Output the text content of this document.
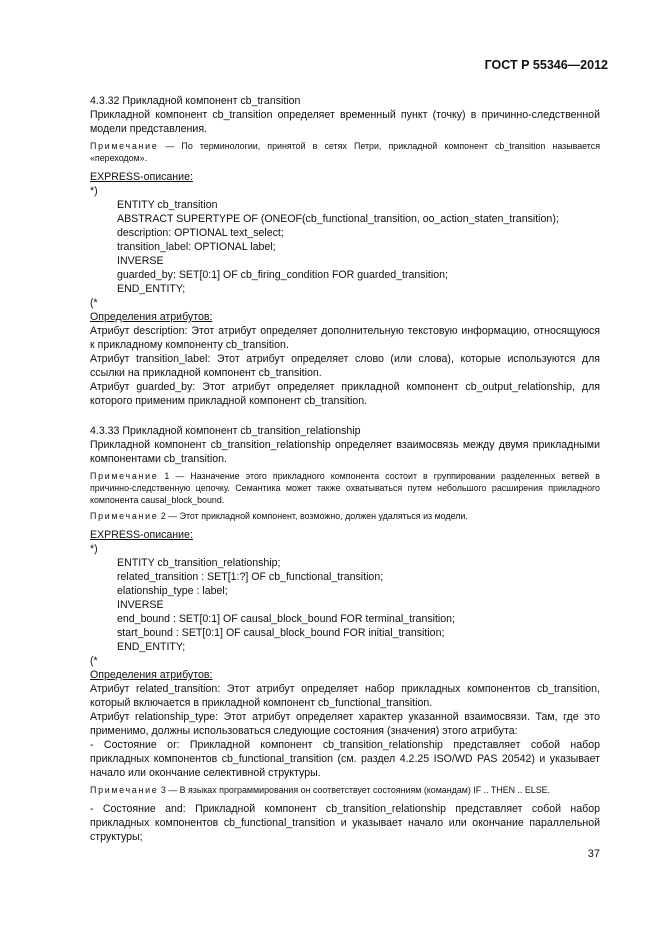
ГОСТ Р 55346—2012

4.3.32 Прикладной компонент cb_transition

Прикладной компонент cb_transition определяет временный пункт (точку) в причинно-следственной модели представления.

Примечание — По терминологии, принятой в сетях Петри, прикладной компонент cb_transition называется «переходом».

EXPRESS-описание:

*)

ENTITY cb_transition
ABSTRACT SUPERTYPE OF (ONEOF(cb_functional_transition, oo_action_staten_transition);
description: OPTIONAL text_select;
transition_label: OPTIONAL label;
INVERSE
guarded_by: SET[0:1] OF cb_firing_condition FOR guarded_transition;
END_ENTITY;

(*

Определения атрибутов:

Атрибут description: Этот атрибут определяет дополнительную текстовую информацию, относящуюся к прикладному компоненту cb_transition.

Атрибут transition_label: Этот атрибут определяет слово (или слова), которые используются для ссылки на прикладной компонент cb_transition.

Атрибут guarded_by: Этот атрибут определяет прикладной компонент cb_output_relationship, для которого применим прикладной компонент cb_transition.

4.3.33 Прикладной компонент cb_transition_relationship

Прикладной компонент cb_transition_relationship определяет взаимосвязь между двумя прикладными компонентами cb_transition.

Примечание 1 — Назначение этого прикладного компонента состоит в группировании разделенных ветвей в причинно-следственную цепочку. Семантика может также охватываться путем небольшого расширения прикладного компонента causal_block_bound.

Примечание 2 — Этот прикладной компонент, возможно, должен удаляться из модели.

EXPRESS-описание:

*)

ENTITY cb_transition_relationship;
related_transition : SET[1:?] OF cb_functional_transition;
elationship_type : label;
INVERSE
end_bound : SET[0:1] OF causal_block_bound FOR terminal_transition;
start_bound : SET[0:1] OF causal_block_bound FOR initial_transition;
END_ENTITY;

(*

Определения атрибутов:

Атрибут related_transition: Этот атрибут определяет набор прикладных компонентов cb_transition, который включается в прикладной компонент cb_functional_transition.

Атрибут relationship_type: Этот атрибут определяет характер указанной взаимосвязи. Там, где это применимо, должны использоваться следующие состояния (значения) этого атрибута:

- Состояние or: Прикладной компонент cb_transition_relationship представляет собой набор прикладных компонентов cb_functional_transition (см. раздел 4.2.25 ISO/WD PAS 20542) и указывает начало или окончание селективной структуры.

Примечание 3 — В языках программирования он соответствует состояниям (командам) IF .. THEN .. ELSE.

- Состояние and: Прикладной компонент cb_transition_relationship представляет собой набор прикладных компонентов cb_functional_transition и указывает начало или окончание параллельной структуры;

37
